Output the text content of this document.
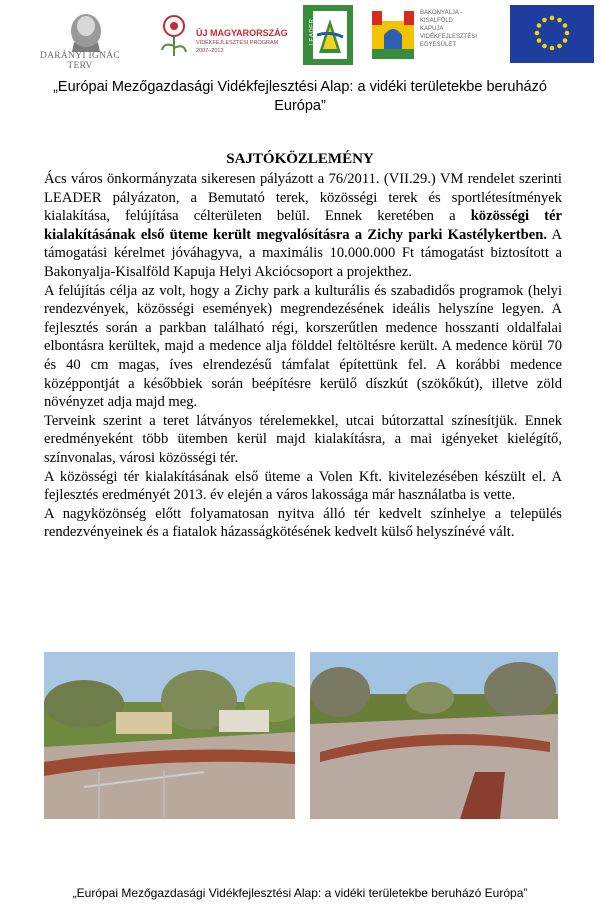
DARÁNYI IGNÁC TERV
ÚJ MAGYARORSZÁG
VIDÉKFEJLESZTÉSI PROGRAM
2007–2013
LEADER
BAKONYALJA -
KISALFÖLD
KAPUJA
VIDÉKFEJLESZTÉSI
EGYESÜLET
„Európai Mezőgazdasági Vidékfejlesztési Alap: a vidéki területekbe beruházó
Európa”
SAJTÓKÖZLEMÉNY

Ács város önkormányzata sikeresen pályázott a 76/2011. (VII.29.) VM rendelet szerinti LEADER pályázaton, a Bemutató terek, közösségi terek és sportlétesítmények kialakítása, felújítása célterületen belül. Ennek keretében a közösségi tér kialakításának első üteme került megvalósításra a Zichy parki Kastélykertben. A támogatási kérelmet jóváhagyva, a maximális 10.000.000 Ft támogatást biztosított a Bakonyalja-Kisalföld Kapuja Helyi Akciócsoport a projekthez.

A felújítás célja az volt, hogy a Zichy park a kulturális és szabadidős programok (helyi rendezvények, közösségi események) megrendezésének ideális helyszíne legyen. A fejlesztés során a parkban található régi, korszerűtlen medence hosszanti oldalfalai elbontásra kerültek, majd a medence alja földdel feltöltésre került. A medence körül 70 és 40 cm magas, íves elrendezésű támfalat építettünk fel. A korábbi medence középpontját a későbbiek során beépítésre kerülő díszkút (szökőkút), illetve zöld növényzet adja majd meg.

Terveink szerint a teret látványos térelemekkel, utcai bútorzattal színesítjük. Ennek eredményeként több ütemben kerül majd kialakításra, a mai igényeket kielégítő, színvonalas, városi közösségi tér.

A közösségi tér kialakításának első üteme a Volen Kft. kivitelezésében készült el. A fejlesztés eredményét 2013. év elején a város lakossága már használatba is vette.

A nagyközönség előtt folyamatosan nyitva álló tér kedvelt színhelye a település rendezvényeinek és a fiatalok házasságkötésének kedvelt külső helyszínévé vált.

„Európai Mezőgazdasági Vidékfejlesztési Alap: a vidéki területekbe beruházó Európa”
